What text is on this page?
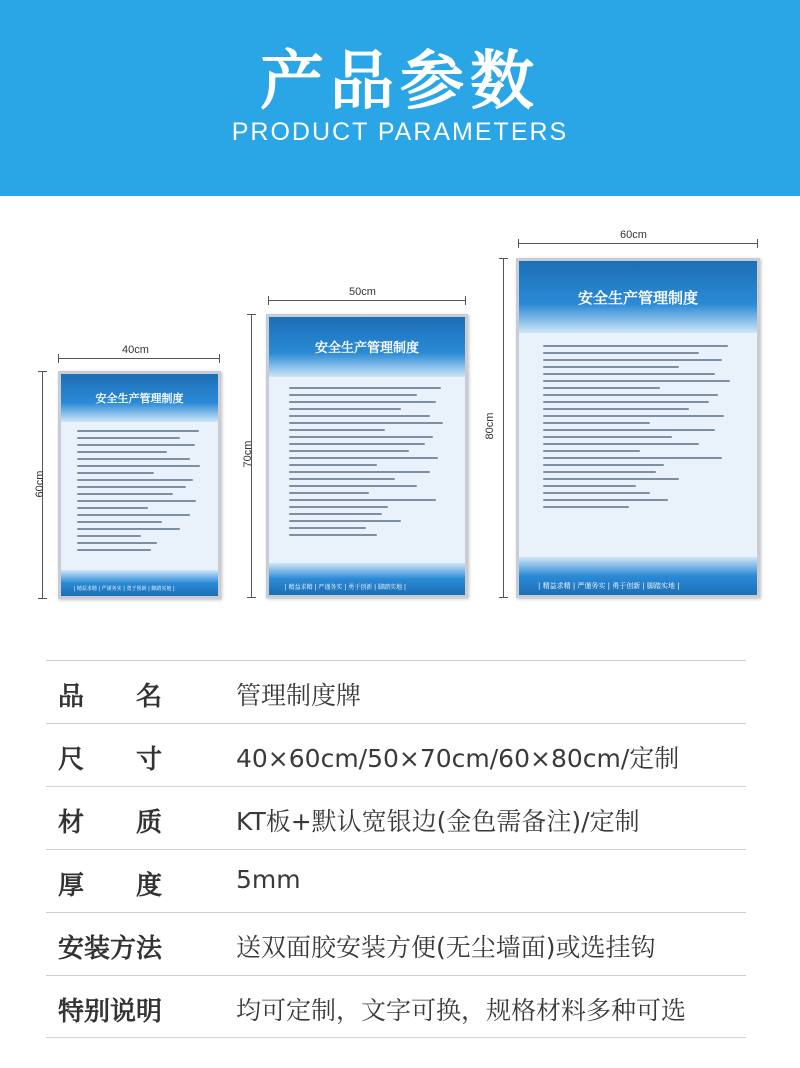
产品参数
PRODUCT PARAMETERS
40cm
60cm
安全生产管理制度
| 精益求精 | 严谨务实 | 勇于创新 | 脚踏实地 |
50cm
70cm
安全生产管理制度
| 精益求精 | 严谨务实 | 勇于创新 | 脚踏实地 |
60cm
80cm
安全生产管理制度
| 精益求精 | 严谨务实 | 勇于创新 | 脚踏实地 |
品　　名	管理制度牌
尺　　寸	40×60cm/50×70cm/60×80cm/定制
材　　质	KT板+默认宽银边(金色需备注)/定制
厚　　度	5mm
安装方法	送双面胶安装方便(无尘墙面)或选挂钩
特别说明	均可定制，文字可换，规格材料多种可选
